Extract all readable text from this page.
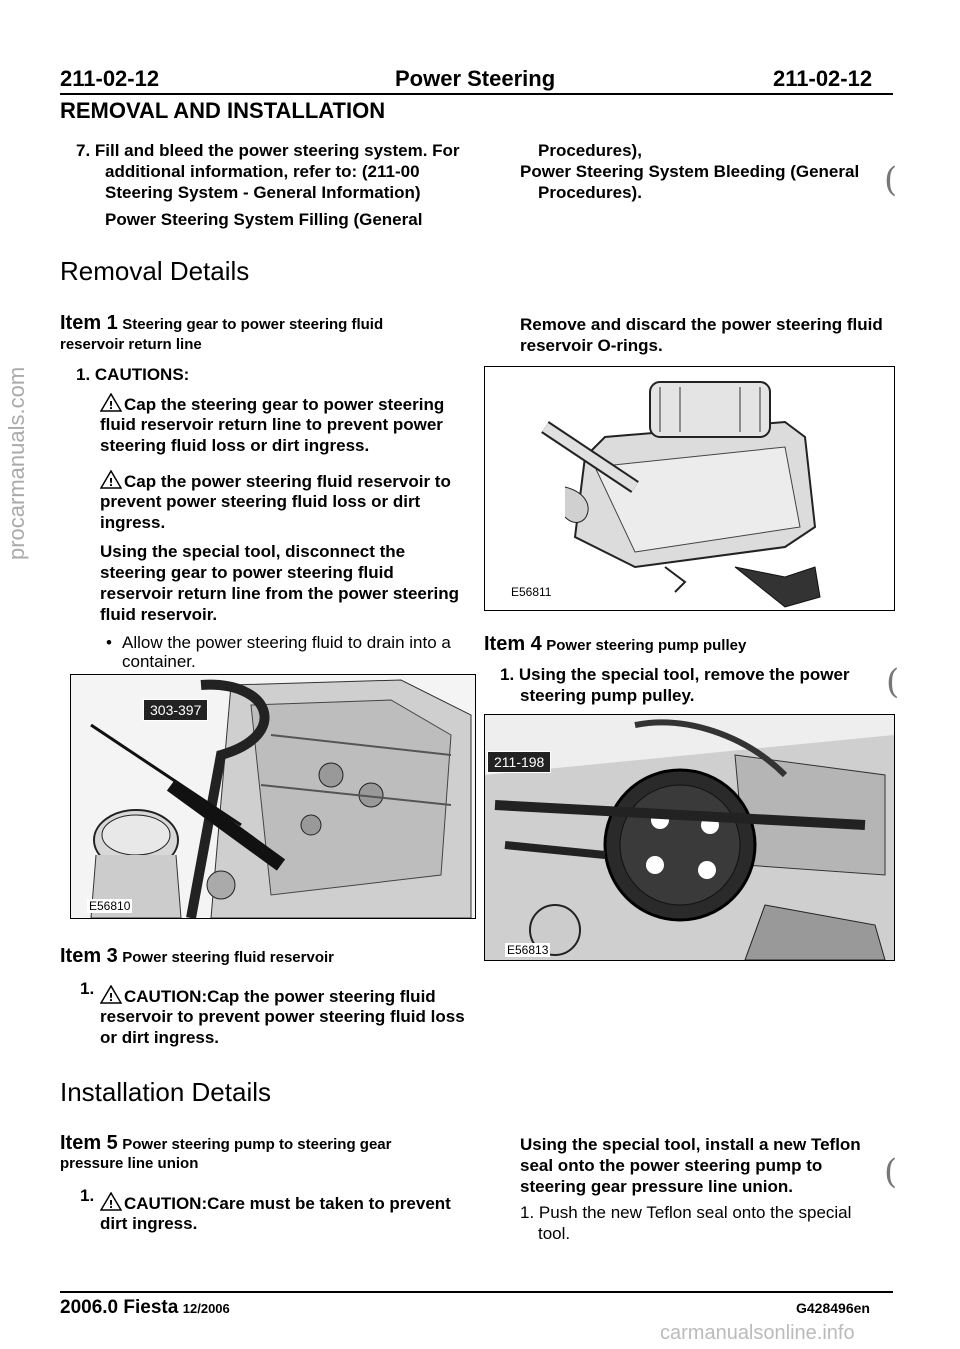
procarmanuals.com
211-02-12	Power Steering	211-02-12
REMOVAL AND INSTALLATION
7. Fill and bleed the power steering system. For
additional information, refer to: (211-00
Steering System - General Information)
Power Steering System Filling (General
Procedures),
Power Steering System Bleeding (General
Procedures).	(
Removal Details
Item 1 Steering gear to power steering fluid
reservoir return line
1. CAUTIONS:
! Cap the steering gear to power steering
fluid reservoir return line to prevent power
steering fluid loss or dirt ingress.
! Cap the power steering fluid reservoir to
prevent power steering fluid loss or dirt
ingress.
Using the special tool, disconnect the
steering gear to power steering fluid
reservoir return line from the power steering
fluid reservoir.
• Allow the power steering fluid to drain into a
container.
303-397
E56810
Remove and discard the power steering fluid
reservoir O-rings.
E56811
Item 4 Power steering pump pulley
1. Using the special tool, remove the power
steering pump pulley.	(
211-198
E56813
Item 3 Power steering fluid reservoir
1. ! CAUTION:Cap the power steering fluid
reservoir to prevent power steering fluid loss
or dirt ingress.
Installation Details
Item 5 Power steering pump to steering gear
pressure line union
1. ! CAUTION:Care must be taken to prevent
dirt ingress.
Using the special tool, install a new Teflon
seal onto the power steering pump to
steering gear pressure line union.	(
1. Push the new Teflon seal onto the special
tool.
2006.0 Fiesta 12/2006	G428496en
carmanualsonline.info
